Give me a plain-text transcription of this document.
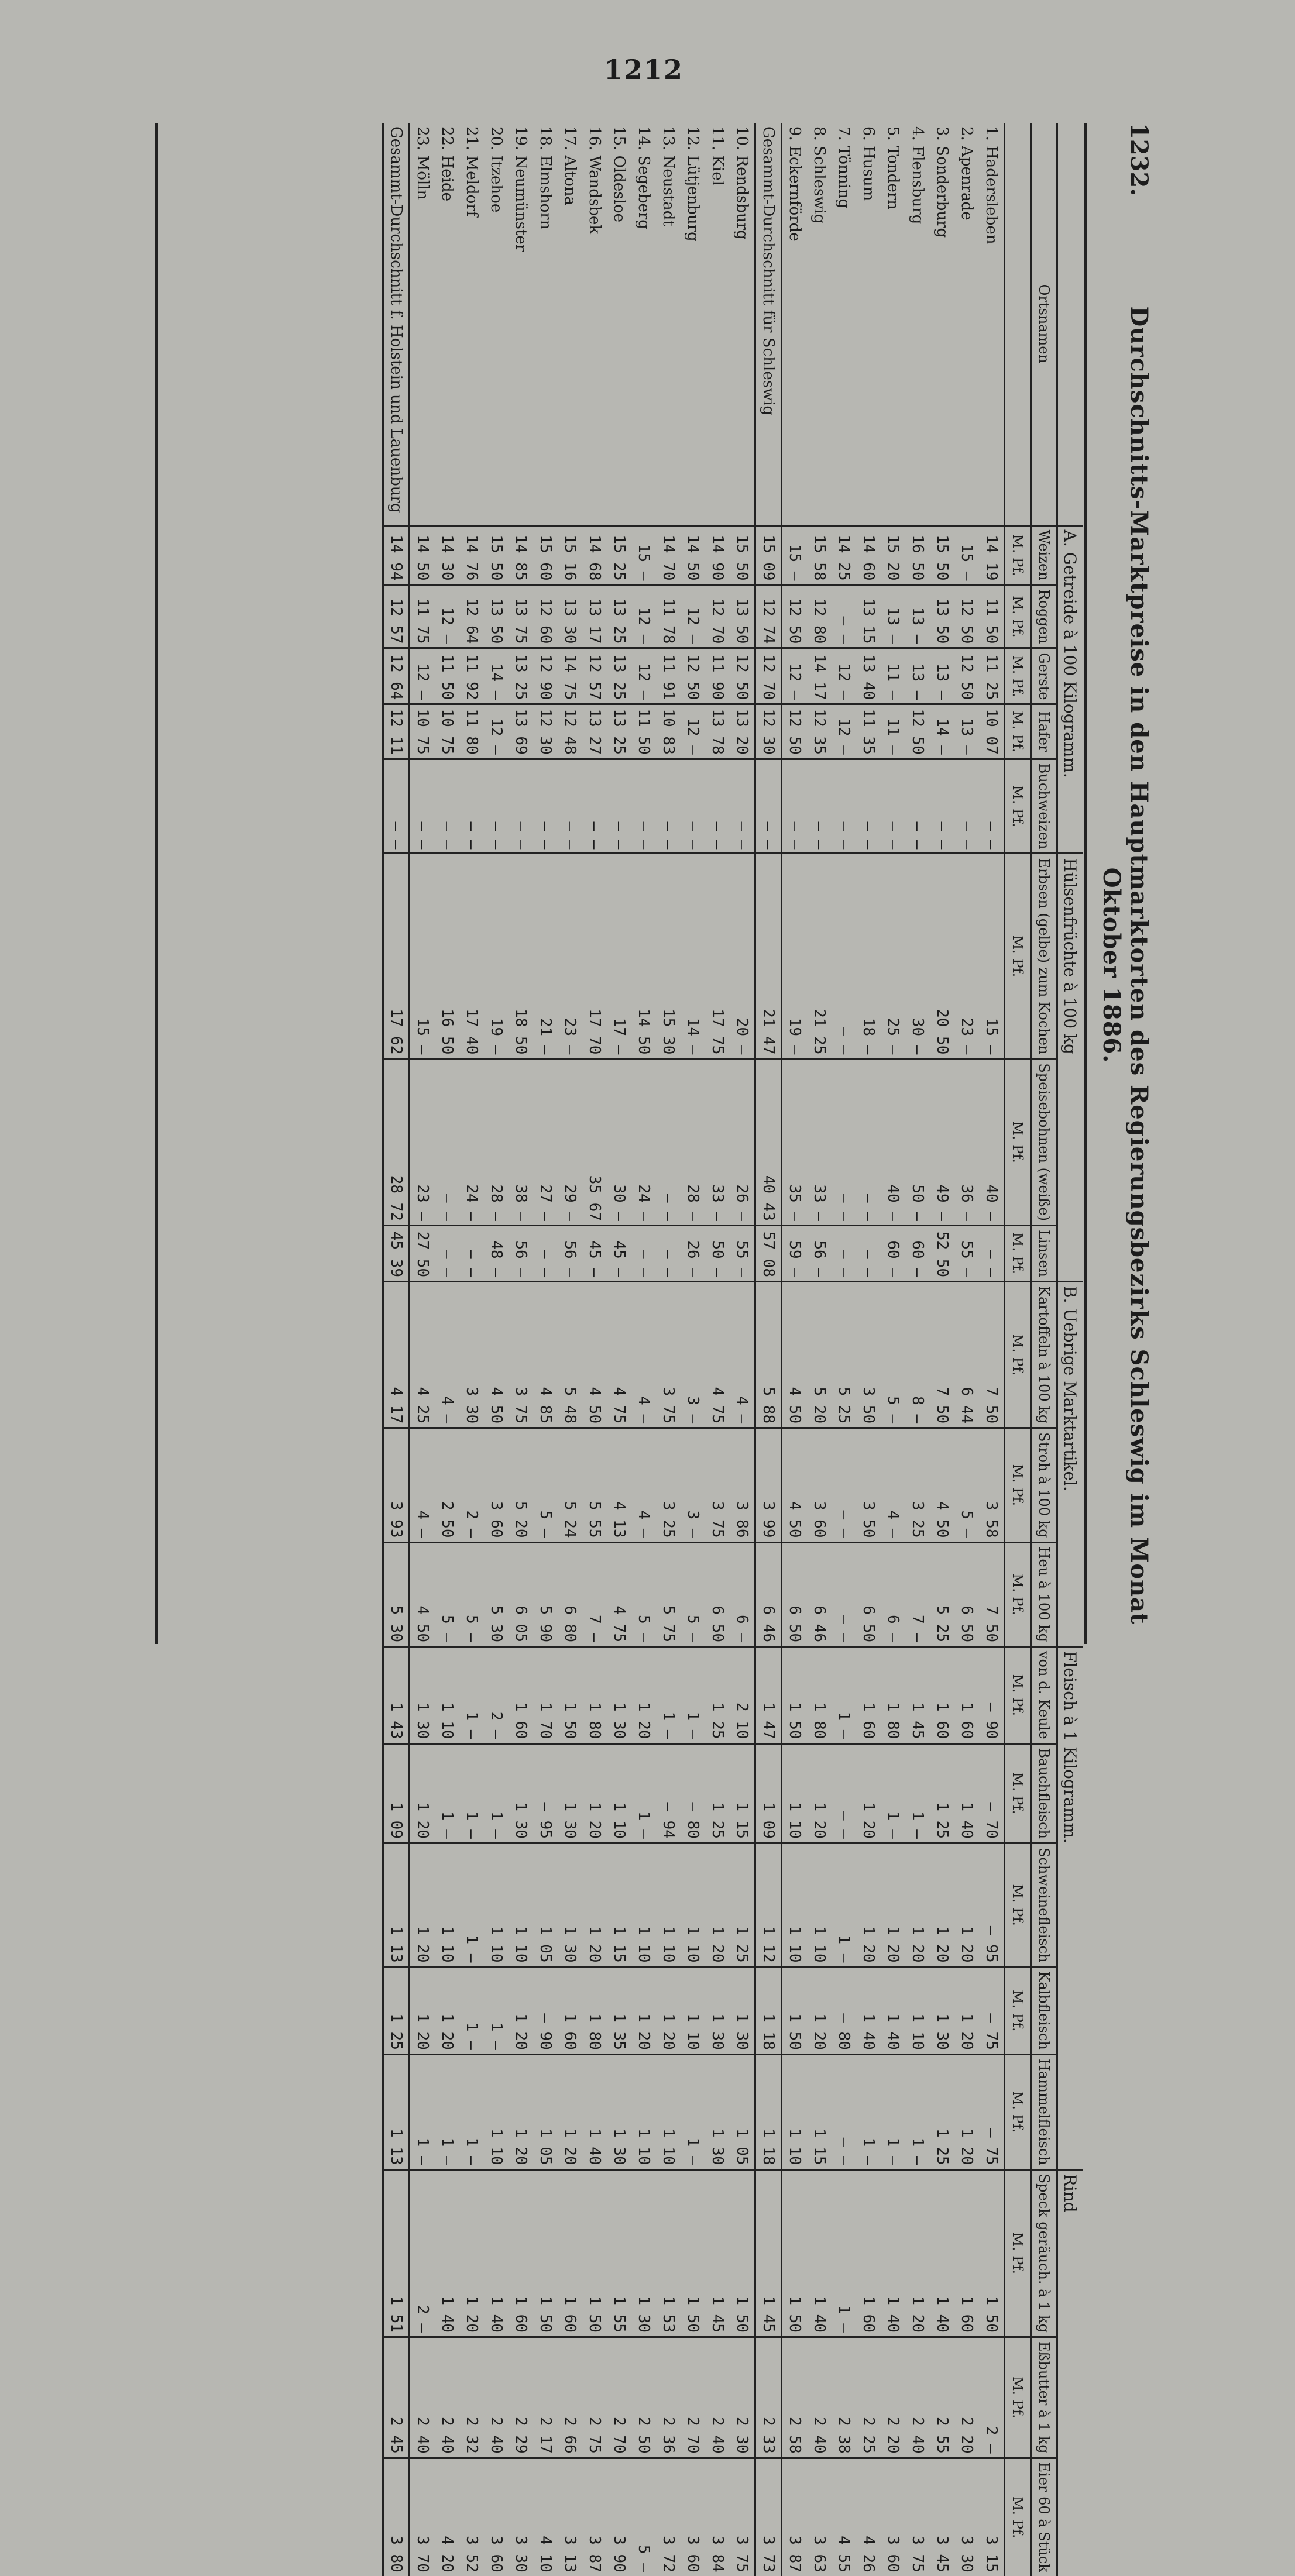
1212
1232.
Durchschnitts-Marktpreise in den Hauptmarktorten des Regierungsbezirks Schleswig im Monat Oktober 1886.
	A. Getreide à 100 Kilogramm.					Hülsenfrüchte à 100 kg			B. Uebrige Marktartikel.			Fleisch à 1 Kilogramm.					Rind		
Ortsnamen	Weizen	Roggen	Gerste	Hafer	Buchweizen	Erbsen (gelbe) zum Kochen	Speisebohnen (weiße)	Linsen	Kartoffeln à 100 kg	Stroh à 100 kg	Heu à 100 kg	von d. Keule	Bauchfleisch	Schweinefleisch	Kalbfleisch	Hammelfleisch	Speck geräuch. à 1 kg	Eßbutter à 1 kg	Eier 60 à Stück
	M. Pf.	M. Pf.	M. Pf.	M. Pf.	M. Pf.	M. Pf.	M. Pf.	M. Pf.	M. Pf.	M. Pf.	M. Pf.	M. Pf.	M. Pf.	M. Pf.	M. Pf.	M. Pf.	M. Pf.	M. Pf.	M. Pf.
1. Hadersleben	14 19	11 50	11 25	10 07	— —	15 —	40 —	— —	7 50	3 58	7 50	— 90	— 70	— 95	— 75	— 75	1 50	2 —	3 15
2. Apenrade	15 —	12 50	12 50	13 —	— —	23 —	36 —	55 —	6 44	5 —	6 50	1 60	1 40	1 20	1 20	1 20	1 60	2 20	3 30
3. Sonderburg	15 50	13 50	13 —	14 —	— —	20 50	49 —	52 50	7 50	4 50	5 25	1 60	1 25	1 20	1 30	1 25	1 40	2 55	3 45
4. Flensburg	16 50	13 —	13 —	12 50	— —	30 —	50 —	60 —	8 —	3 25	7 —	1 45	1 —	1 20	1 10	1 —	1 20	2 40	3 75
5. Tondern	15 20	13 —	11 —	11 —	— —	25 —	40 —	60 —	5 —	4 —	6 —	1 80	1 —	1 20	1 40	1 —	1 40	2 20	3 60
6. Husum	14 60	13 15	13 40	11 35	— —	18 —	— —	— —	3 50	3 50	6 50	1 60	1 20	1 20	1 40	1 —	1 60	2 25	4 26
7. Tönning	14 25	— —	12 —	12 —	— —	— —	— —	— —	5 25	— —	— —	1 —	— —	1 —	— 80	— —	1 —	2 38	4 55
8. Schleswig	15 58	12 80	14 17	12 35	— —	21 25	33 —	56 —	5 20	3 60	6 46	1 80	1 20	1 10	1 20	1 15	1 40	2 40	3 63
9. Eckernförde	15 —	12 50	12 —	12 50	— —	19 —	35 —	59 —	4 50	4 50	6 50	1 50	1 10	1 10	1 50	1 10	1 50	2 58	3 87
Gesammt-Durchschnitt für Schleswig	15 09	12 74	12 70	12 30	— —	21 47	40 43	57 08	5 88	3 99	6 46	1 47	1 09	1 12	1 18	1 18	1 45	2 33	3 73
10. Rendsburg	15 50	13 50	12 50	13 20	— —	20 —	26 —	55 —	4 —	3 86	6 —	2 10	1 15	1 25	1 30	1 05	1 50	2 30	3 75
11. Kiel	14 90	12 70	11 90	13 78	— —	17 75	33 —	50 —	4 75	3 75	6 50	1 25	1 25	1 20	1 30	1 30	1 45	2 40	3 84
12. Lütjenburg	14 50	12 —	12 50	12 —	— —	14 —	28 —	26 —	3 —	3 —	5 —	1 —	— 80	1 10	1 10	1 —	1 50	2 70	3 60
13. Neustadt	14 70	11 78	11 91	10 83	— —	15 30	— —	— —	3 75	3 25	5 75	1 —	— 94	1 10	1 20	1 10	1 53	2 36	3 72
14. Segeberg	15 —	12 —	12 —	11 50	— —	14 50	24 —	— —	4 —	4 —	5 —	1 20	1 —	1 10	1 20	1 10	1 30	2 50	5 —
15. Oldesloe	15 25	13 25	13 25	13 25	— —	17 —	30 —	45 —	4 75	4 13	4 75	1 30	1 10	1 15	1 35	1 30	1 55	2 70	3 90
16. Wandsbek	14 68	13 17	12 57	13 27	— —	17 70	35 67	45 —	4 50	5 55	7 —	1 80	1 20	1 20	1 80	1 40	1 50	2 75	3 87
17. Altona	15 16	13 30	14 75	12 48	— —	23 —	29 —	56 —	5 48	5 24	6 80	1 50	1 30	1 30	1 60	1 20	1 60	2 66	3 13
18. Elmshorn	15 60	12 60	12 90	12 30	— —	21 —	27 —	— —	4 85	5 —	5 90	1 70	— 95	1 05	— 90	1 05	1 50	2 17	4 10
19. Neumünster	14 85	13 75	13 25	13 69	— —	18 50	38 —	56 —	3 75	5 20	6 05	1 60	1 30	1 10	1 20	1 20	1 60	2 29	3 30
20. Itzehoe	15 50	13 50	14 —	12 —	— —	19 —	28 —	48 —	4 50	3 60	5 30	2 —	1 —	1 10	1 —	1 10	1 40	2 40	3 60
21. Meldorf	14 76	12 64	11 92	11 80	— —	17 40	24 —	— —	3 30	2 —	5 —	1 —	1 —	1 —	1 —	1 —	1 20	2 32	3 52
22. Heide	14 30	12 —	11 50	10 75	— —	16 50	— —	— —	4 —	2 50	5 —	1 10	1 —	1 10	1 20	1 —	1 40	2 40	4 20
23. Mölln	14 50	11 75	12 —	10 75	— —	15 —	23 —	27 50	4 25	4 —	4 50	1 30	1 20	1 20	1 20	1 —	2 —	2 40	3 70
Gesammt-Durchschnitt f. Holstein und Lauenburg	14 94	12 57	12 64	12 11	— —	17 62	28 72	45 39	4 17	3 93	5 30	1 43	1 09	1 13	1 25	1 13	1 51	2 45	3 80
